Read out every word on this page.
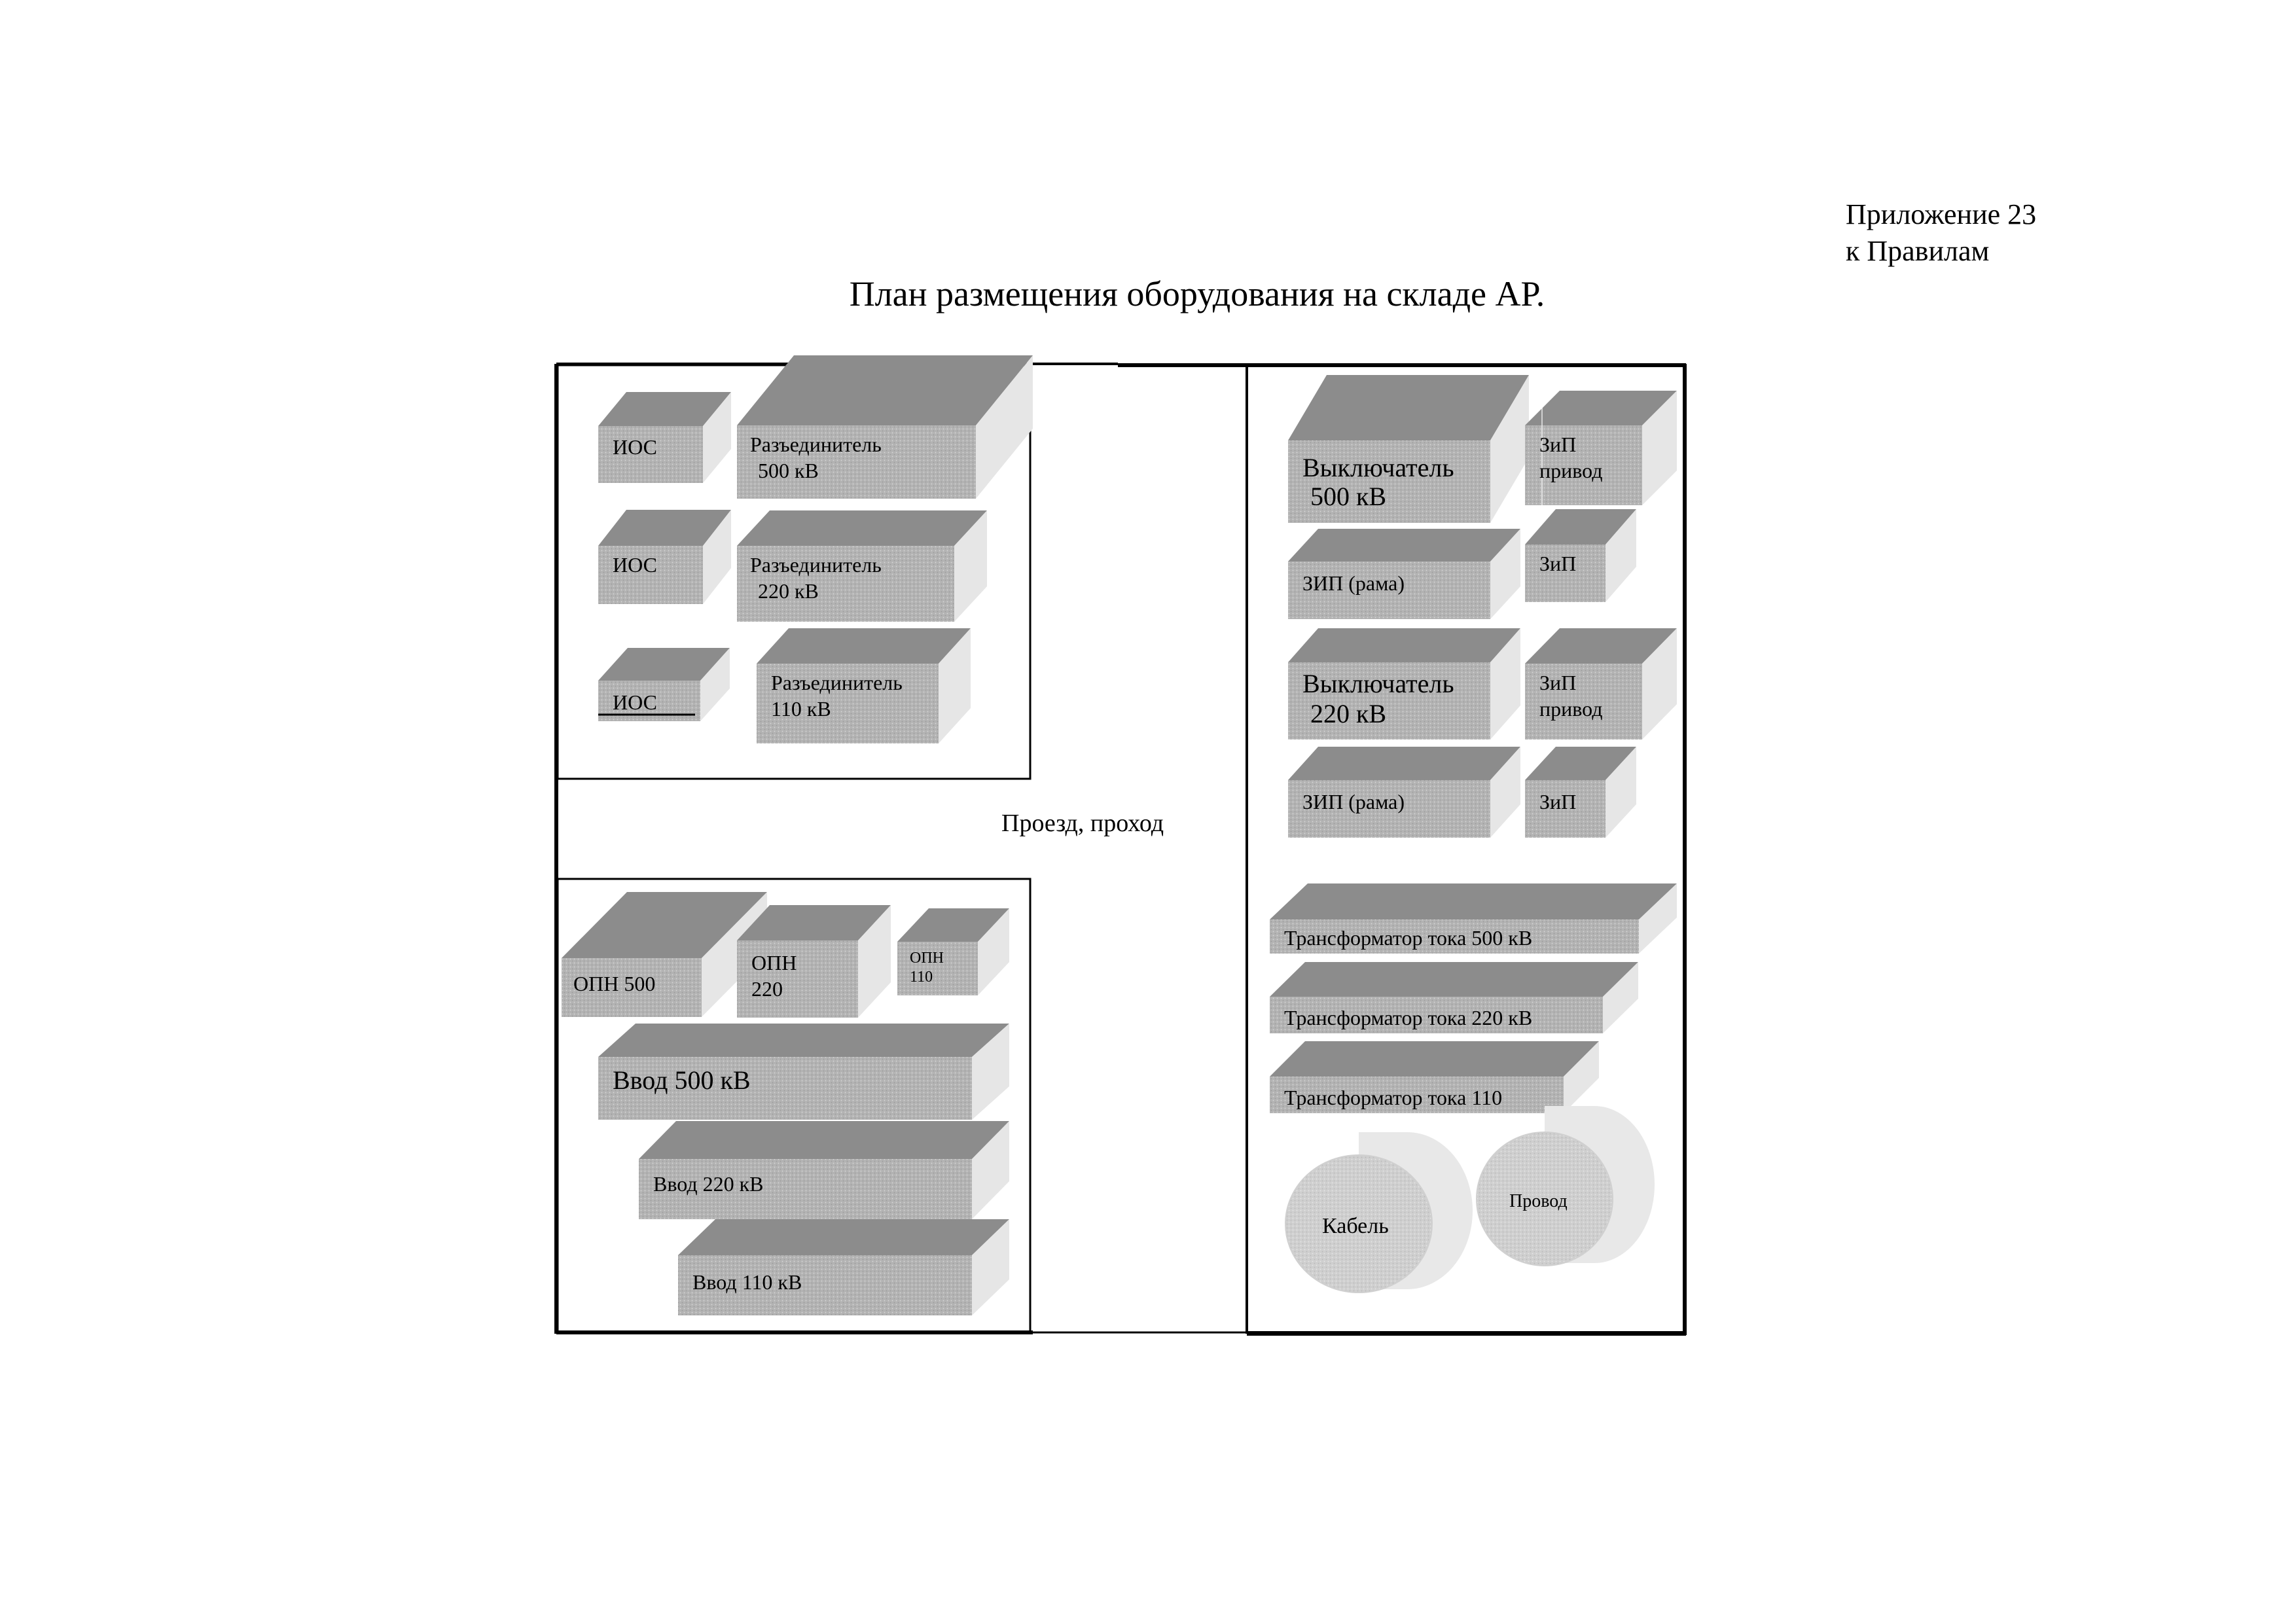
Приложение 23
к Правилам
План размещения оборудования на складе АР.
Проезд, проход
ИОС
ИОС
ИОС
Разъединитель
500 кВ
Разъединитель
220 кВ
Разъединитель
110 кВ
ОПН 500
ОПН
220
ОПН
110
Ввод 500 кВ
Ввод 220 кВ
Ввод 110 кВ
Выключатель
500 кВ
ЗиП
привод
ЗИП (рама)
ЗиП
Выключатель
220 кВ
ЗиП
привод
ЗИП (рама)	ЗиП
Трансформатор тока 500 кВ
Трансформатор тока 220 кВ
Трансформатор тока 110
Кабель
Провод
